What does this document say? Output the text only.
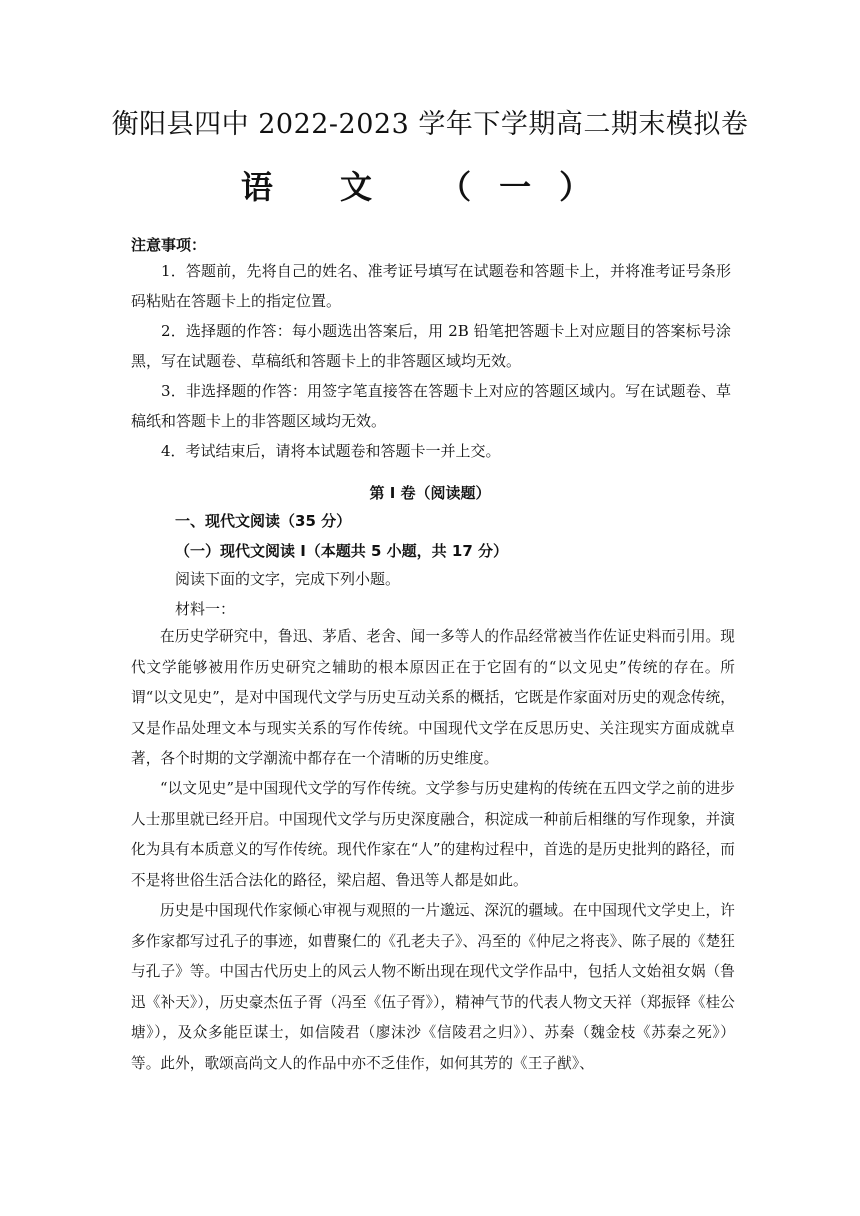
衡阳县四中 2022-2023 学年下学期高二期末模拟卷
语 文 （一）
注意事项：
1．答题前，先将自己的姓名、准考证号填写在试题卷和答题卡上，并将准考证号条形码粘贴在答题卡上的指定位置。
2．选择题的作答：每小题选出答案后，用 2B 铅笔把答题卡上对应题目的答案标号涂黑，写在试题卷、草稿纸和答题卡上的非答题区域均无效。
3．非选择题的作答：用签字笔直接答在答题卡上对应的答题区域内。写在试题卷、草稿纸和答题卡上的非答题区域均无效。
4．考试结束后，请将本试题卷和答题卡一并上交。
第 I 卷（阅读题）
一、现代文阅读（35 分）
（一）现代文阅读 I（本题共 5 小题，共 17 分）
阅读下面的文字，完成下列小题。
材料一：
在历史学研究中，鲁迅、茅盾、老舍、闻一多等人的作品经常被当作佐证史料而引用。现代文学能够被用作历史研究之辅助的根本原因正在于它固有的“以文见史”传统的存在。所谓“以文见史”，是对中国现代文学与历史互动关系的概括，它既是作家面对历史的观念传统，又是作品处理文本与现实关系的写作传统。中国现代文学在反思历史、关注现实方面成就卓著，各个时期的文学潮流中都存在一个清晰的历史维度。
“以文见史”是中国现代文学的写作传统。文学参与历史建构的传统在五四文学之前的进步人士那里就已经开启。中国现代文学与历史深度融合，积淀成一种前后相继的写作现象，并演化为具有本质意义的写作传统。现代作家在“人”的建构过程中，首选的是历史批判的路径，而不是将世俗生活合法化的路径，梁启超、鲁迅等人都是如此。
历史是中国现代作家倾心审视与观照的一片邈远、深沉的疆域。在中国现代文学史上，许多作家都写过孔子的事迹，如曹聚仁的《孔老夫子》、冯至的《仲尼之将丧》、陈子展的《楚狂与孔子》等。中国古代历史上的风云人物不断出现在现代文学作品中，包括人文始祖女娲（鲁迅《补天》），历史豪杰伍子胥（冯至《伍子胥》），精神气节的代表人物文天祥（郑振铎《桂公塘》），及众多能臣谋士，如信陵君（廖沫沙《信陵君之归》）、苏秦（魏金枝《苏秦之死》）等。此外，歌颂高尚文人的作品中亦不乏佳作，如何其芳的《王子猷》、
